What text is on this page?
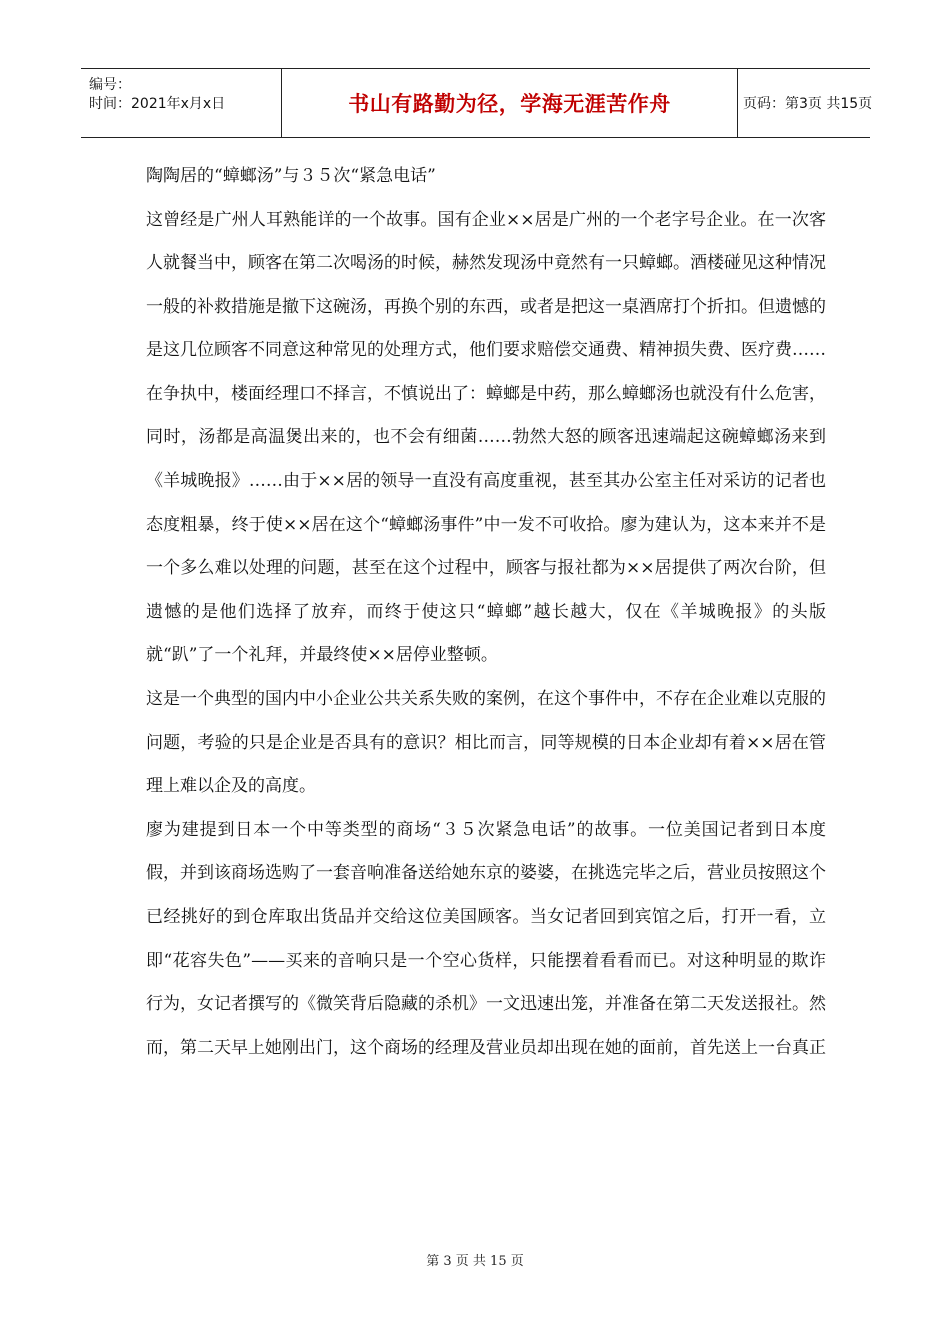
编号：
时间：2021年x月x日	书山有路勤为径，学海无涯苦作舟	页码：第3页 共15页

陶陶居的“蟑螂汤”与３５次“紧急电话”

这曾经是广州人耳熟能详的一个故事。国有企业××居是广州的一个老字号企业。在一次客人就餐当中，顾客在第二次喝汤的时候，赫然发现汤中竟然有一只蟑螂。酒楼碰见这种情况一般的补救措施是撤下这碗汤，再换个别的东西，或者是把这一桌酒席打个折扣。但遗憾的是这几位顾客不同意这种常见的处理方式，他们要求赔偿交通费、精神损失费、医疗费……在争执中，楼面经理口不择言，不慎说出了：蟑螂是中药，那么蟑螂汤也就没有什么危害，同时，汤都是高温煲出来的，也不会有细菌……勃然大怒的顾客迅速端起这碗蟑螂汤来到《羊城晚报》……由于××居的领导一直没有高度重视，甚至其办公室主任对采访的记者也态度粗暴，终于使××居在这个“蟑螂汤事件”中一发不可收拾。廖为建认为，这本来并不是一个多么难以处理的问题，甚至在这个过程中，顾客与报社都为××居提供了两次台阶，但遗憾的是他们选择了放弃，而终于使这只“蟑螂”越长越大，仅在《羊城晚报》的头版就“趴”了一个礼拜，并最终使××居停业整顿。

这是一个典型的国内中小企业公共关系失败的案例，在这个事件中，不存在企业难以克服的问题，考验的只是企业是否具有的意识？相比而言，同等规模的日本企业却有着××居在管理上难以企及的高度。

廖为建提到日本一个中等类型的商场“３５次紧急电话”的故事。一位美国记者到日本度假，并到该商场选购了一套音响准备送给她东京的婆婆，在挑选完毕之后，营业员按照这个已经挑好的到仓库取出货品并交给这位美国顾客。当女记者回到宾馆之后，打开一看，立即“花容失色”——买来的音响只是一个空心货样，只能摆着看看而已。对这种明显的欺诈行为，女记者撰写的《微笑背后隐藏的杀机》一文迅速出笼，并准备在第二天发送报社。然而，第二天早上她刚出门，这个商场的经理及营业员却出现在她的面前，首先送上一台真正

第 3 页 共 15 页
